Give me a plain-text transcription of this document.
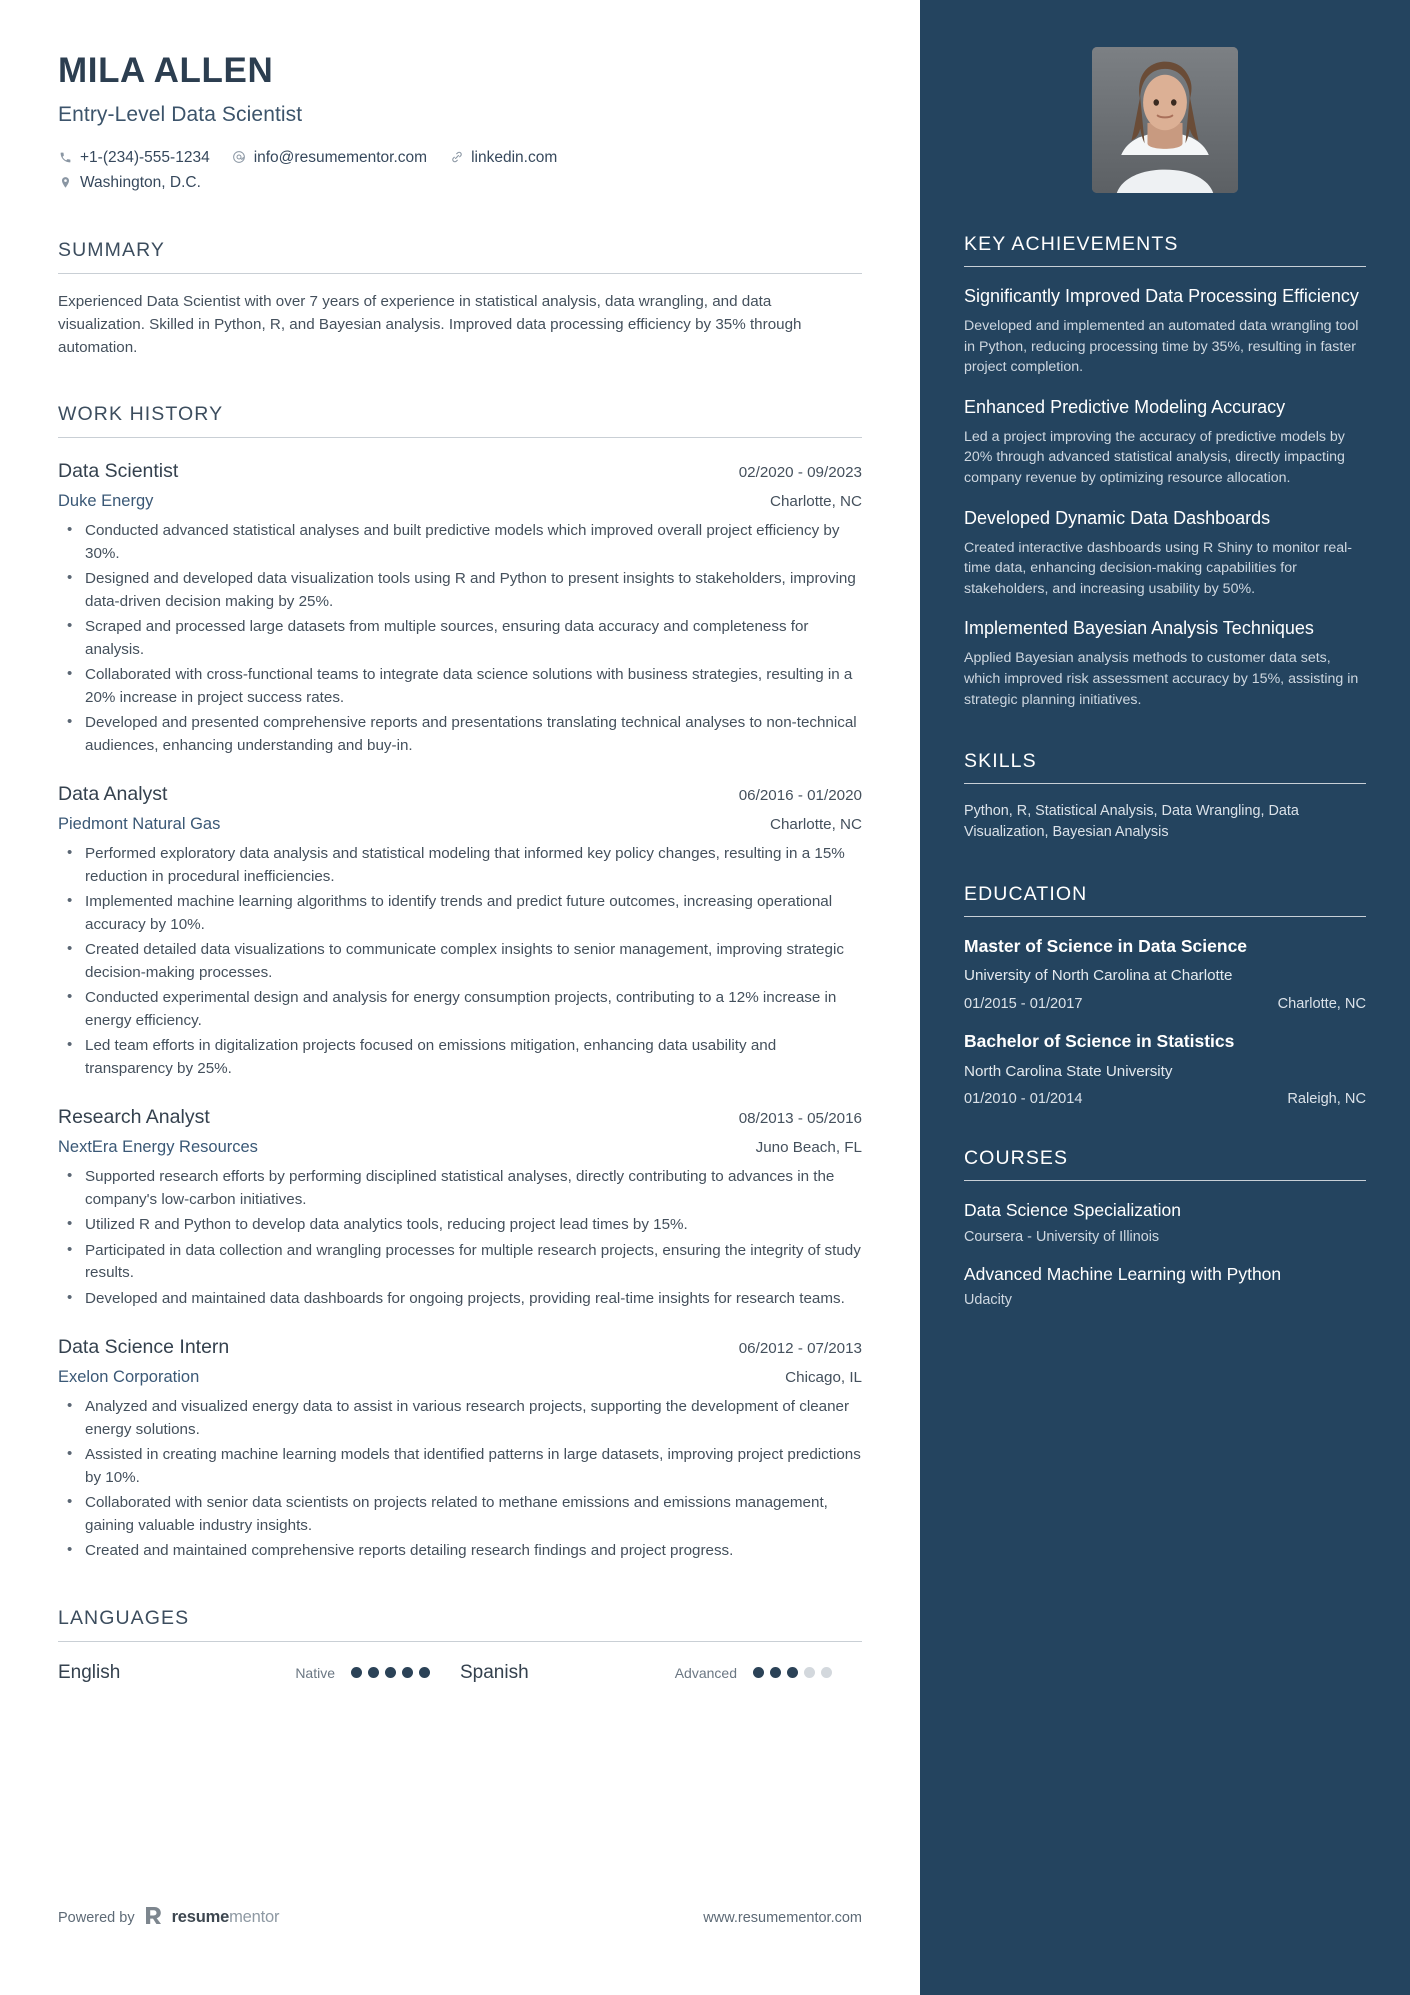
MILA ALLEN
Entry-Level Data Scientist
+1-(234)-555-1234	info@resumementor.com	linkedin.com
Washington, D.C.
SUMMARY
Experienced Data Scientist with over 7 years of experience in statistical analysis, data wrangling, and data visualization. Skilled in Python, R, and Bayesian analysis. Improved data processing efficiency by 35% through automation.
WORK HISTORY
Data Scientist	02/2020 - 09/2023
Duke Energy	Charlotte, NC
• Conducted advanced statistical analyses and built predictive models which improved overall project efficiency by 30%.
• Designed and developed data visualization tools using R and Python to present insights to stakeholders, improving data-driven decision making by 25%.
• Scraped and processed large datasets from multiple sources, ensuring data accuracy and completeness for analysis.
• Collaborated with cross-functional teams to integrate data science solutions with business strategies, resulting in a 20% increase in project success rates.
• Developed and presented comprehensive reports and presentations translating technical analyses to non-technical audiences, enhancing understanding and buy-in.
Data Analyst	06/2016 - 01/2020
Piedmont Natural Gas	Charlotte, NC
• Performed exploratory data analysis and statistical modeling that informed key policy changes, resulting in a 15% reduction in procedural inefficiencies.
• Implemented machine learning algorithms to identify trends and predict future outcomes, increasing operational accuracy by 10%.
• Created detailed data visualizations to communicate complex insights to senior management, improving strategic decision-making processes.
• Conducted experimental design and analysis for energy consumption projects, contributing to a 12% increase in energy efficiency.
• Led team efforts in digitalization projects focused on emissions mitigation, enhancing data usability and transparency by 25%.
Research Analyst	08/2013 - 05/2016
NextEra Energy Resources	Juno Beach, FL
• Supported research efforts by performing disciplined statistical analyses, directly contributing to advances in the company's low-carbon initiatives.
• Utilized R and Python to develop data analytics tools, reducing project lead times by 15%.
• Participated in data collection and wrangling processes for multiple research projects, ensuring the integrity of study results.
• Developed and maintained data dashboards for ongoing projects, providing real-time insights for research teams.
Data Science Intern	06/2012 - 07/2013
Exelon Corporation	Chicago, IL
• Analyzed and visualized energy data to assist in various research projects, supporting the development of cleaner energy solutions.
• Assisted in creating machine learning models that identified patterns in large datasets, improving project predictions by 10%.
• Collaborated with senior data scientists on projects related to methane emissions and emissions management, gaining valuable industry insights.
• Created and maintained comprehensive reports detailing research findings and project progress.
LANGUAGES
English	Native	Spanish	Advanced
Powered by resumementor	www.resumementor.com
KEY ACHIEVEMENTS
Significantly Improved Data Processing Efficiency
Developed and implemented an automated data wrangling tool in Python, reducing processing time by 35%, resulting in faster project completion.
Enhanced Predictive Modeling Accuracy
Led a project improving the accuracy of predictive models by 20% through advanced statistical analysis, directly impacting company revenue by optimizing resource allocation.
Developed Dynamic Data Dashboards
Created interactive dashboards using R Shiny to monitor real-time data, enhancing decision-making capabilities for stakeholders, and increasing usability by 50%.
Implemented Bayesian Analysis Techniques
Applied Bayesian analysis methods to customer data sets, which improved risk assessment accuracy by 15%, assisting in strategic planning initiatives.
SKILLS
Python, R, Statistical Analysis, Data Wrangling, Data Visualization, Bayesian Analysis
EDUCATION
Master of Science in Data Science
University of North Carolina at Charlotte
01/2015 - 01/2017	Charlotte, NC
Bachelor of Science in Statistics
North Carolina State University
01/2010 - 01/2014	Raleigh, NC
COURSES
Data Science Specialization
Coursera - University of Illinois
Advanced Machine Learning with Python
Udacity
